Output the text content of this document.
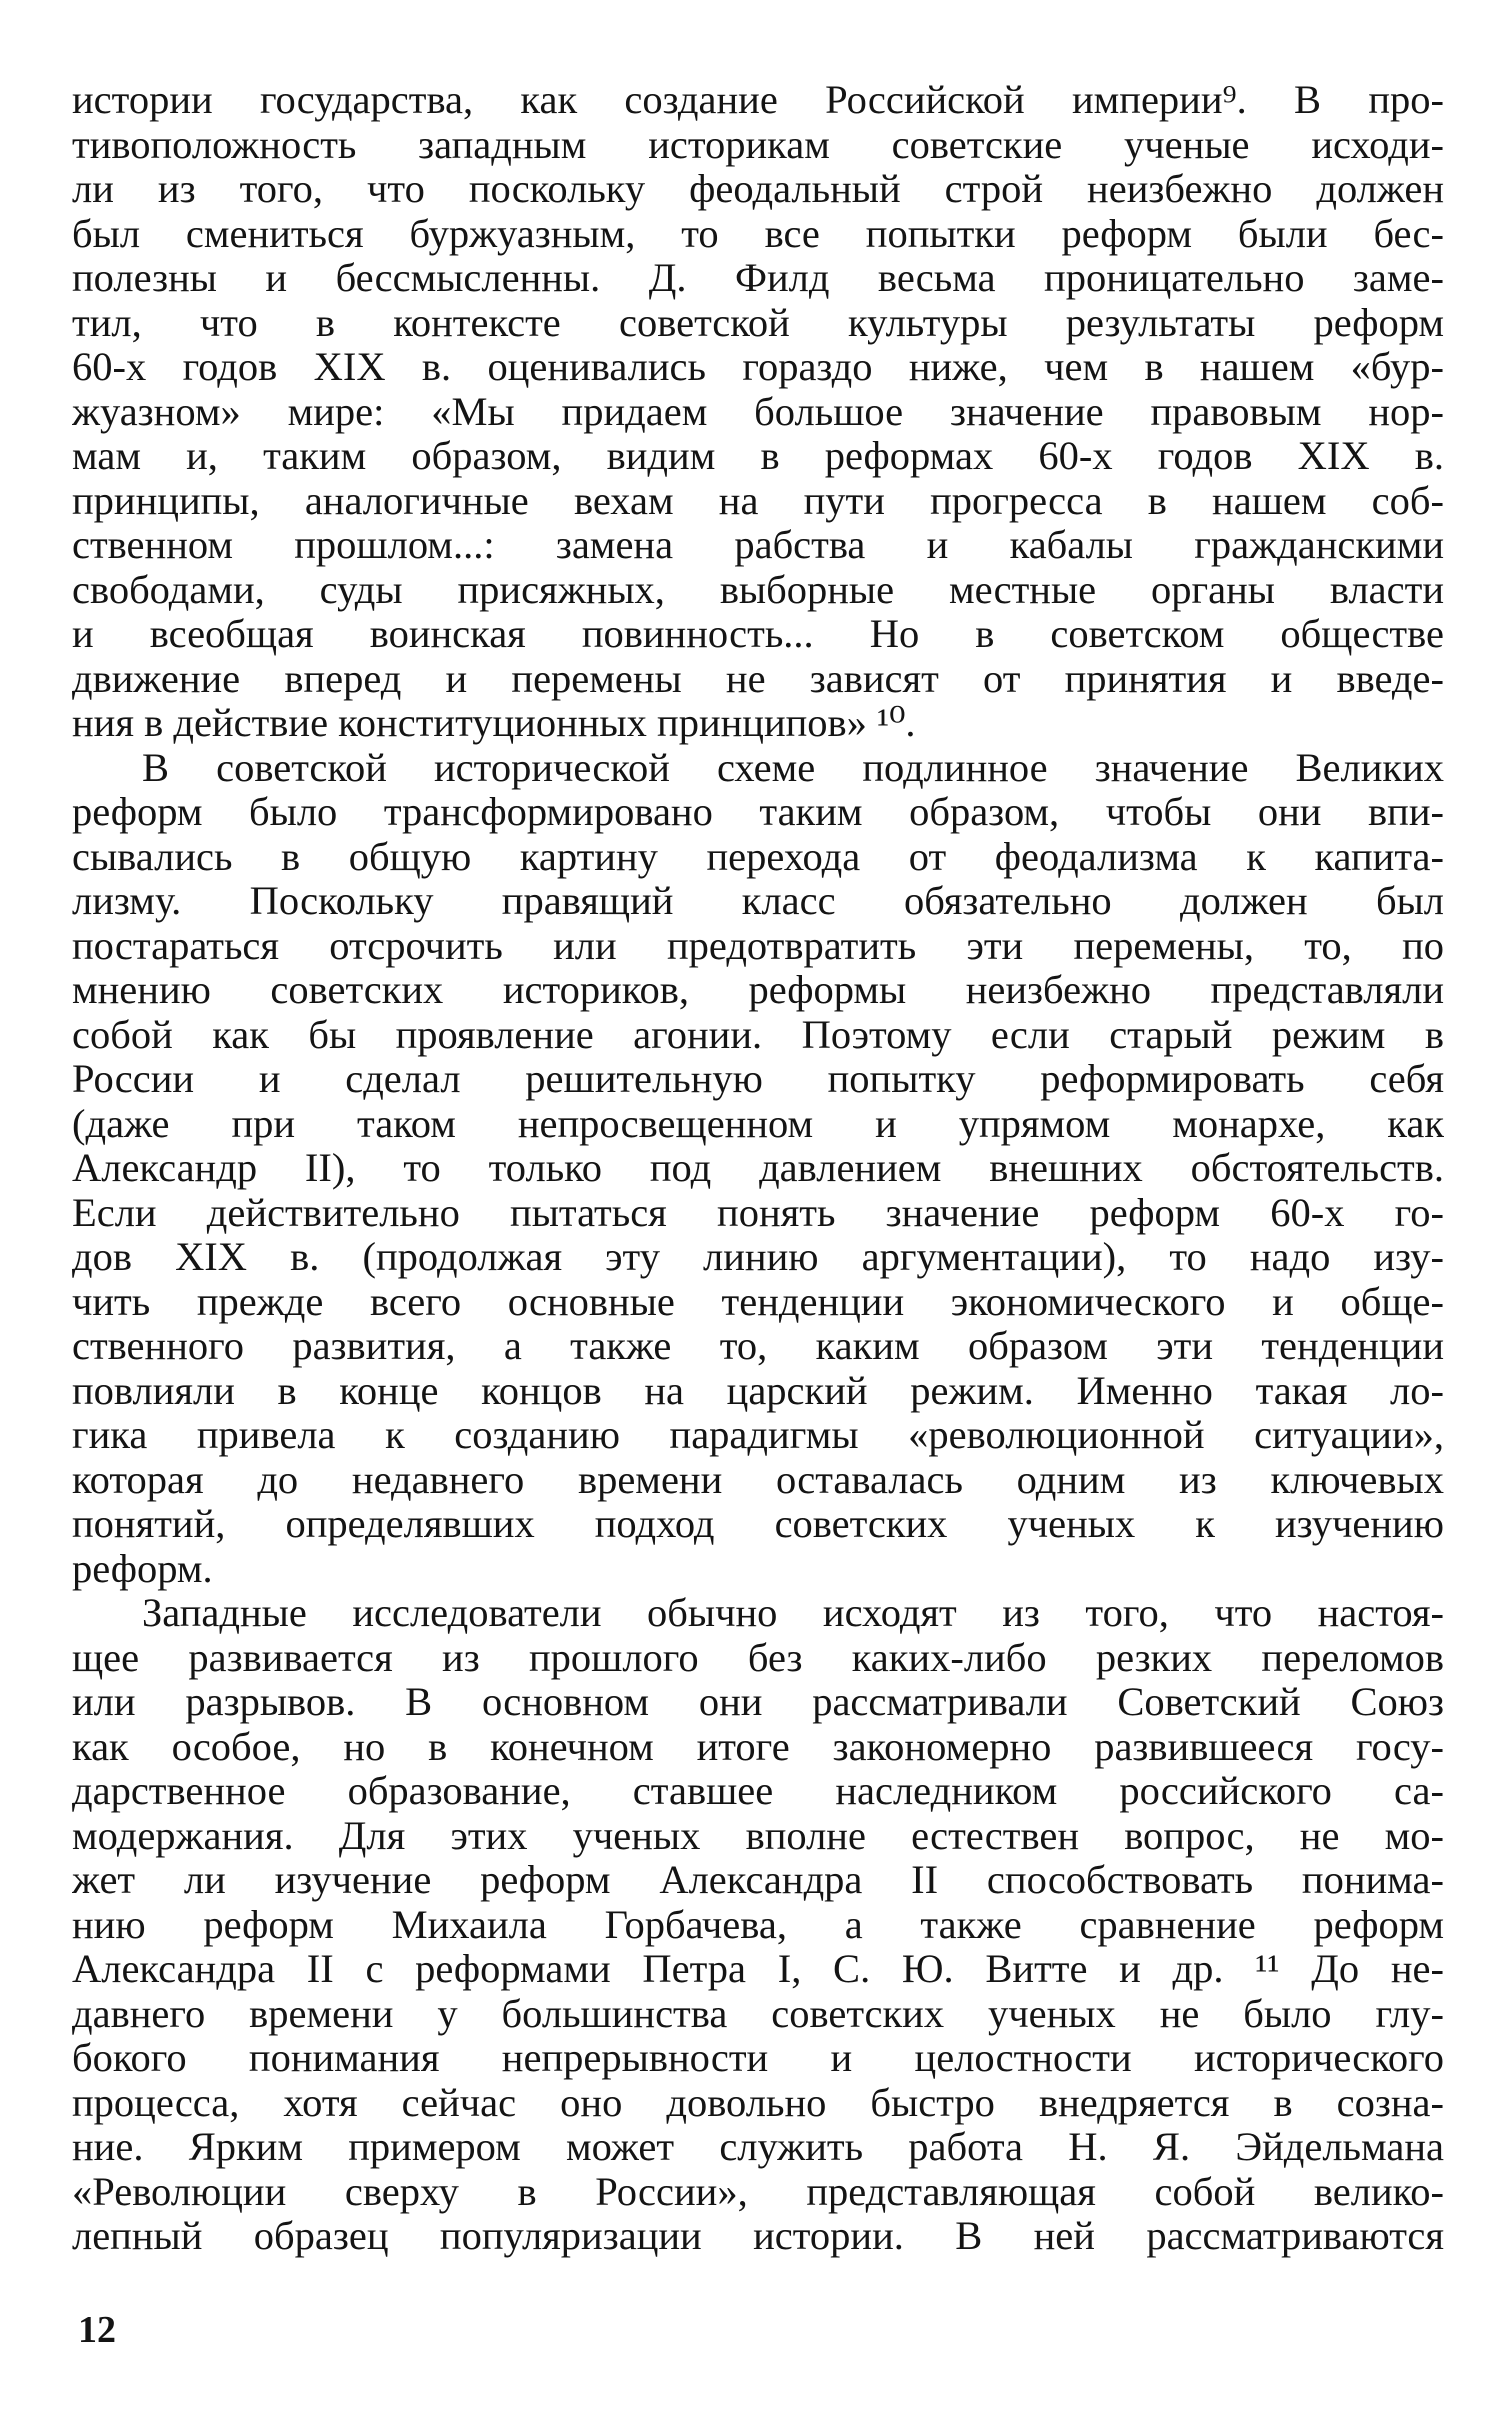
истории государства, как создание Российской империи⁹. В про-
тивоположность западным историкам советские ученые исходи-
ли из того, что поскольку феодальный строй неизбежно должен
был смениться буржуазным, то все попытки реформ были бес-
полезны и бессмысленны. Д. Филд весьма проницательно заме-
тил, что в контексте советской культуры результаты реформ
60-х годов XIX в. оценивались гораздо ниже, чем в нашем «бур-
жуазном» мире: «Мы придаем большое значение правовым нор-
мам и, таким образом, видим в реформах 60-х годов XIX в.
принципы, аналогичные вехам на пути прогресса в нашем соб-
ственном прошлом...: замена рабства и кабалы гражданскими
свободами, суды присяжных, выборные местные органы власти
и всеобщая воинская повинность... Но в советском обществе
движение вперед и перемены не зависят от принятия и введе-
ния в действие конституционных принципов» ¹⁰.
В советской исторической схеме подлинное значение Великих
реформ было трансформировано таким образом, чтобы они впи-
сывались в общую картину перехода от феодализма к капита-
лизму. Поскольку правящий класс обязательно должен был
постараться отсрочить или предотвратить эти перемены, то, по
мнению советских историков, реформы неизбежно представляли
собой как бы проявление агонии. Поэтому если старый режим в
России и сделал решительную попытку реформировать себя
(даже при таком непросвещенном и упрямом монархе, как
Александр II), то только под давлением внешних обстоятельств.
Если действительно пытаться понять значение реформ 60-х го-
дов XIX в. (продолжая эту линию аргументации), то надо изу-
чить прежде всего основные тенденции экономического и обще-
ственного развития, а также то, каким образом эти тенденции
повлияли в конце концов на царский режим. Именно такая ло-
гика привела к созданию парадигмы «революционной ситуации»,
которая до недавнего времени оставалась одним из ключевых
понятий, определявших подход советских ученых к изучению
реформ.
Западные исследователи обычно исходят из того, что настоя-
щее развивается из прошлого без каких-либо резких переломов
или разрывов. В основном они рассматривали Советский Союз
как особое, но в конечном итоге закономерно развившееся госу-
дарственное образование, ставшее наследником российского са-
модержания. Для этих ученых вполне естествен вопрос, не мо-
жет ли изучение реформ Александра II способствовать понима-
нию реформ Михаила Горбачева, а также сравнение реформ
Александра II с реформами Петра I, С. Ю. Витте и др. ¹¹ До не-
давнего времени у большинства советских ученых не было глу-
бокого понимания непрерывности и целостности исторического
процесса, хотя сейчас оно довольно быстро внедряется в созна-
ние. Ярким примером может служить работа Н. Я. Эйдельмана
«Революции сверху в России», представляющая собой велико-
лепный образец популяризации истории. В ней рассматриваются
12
